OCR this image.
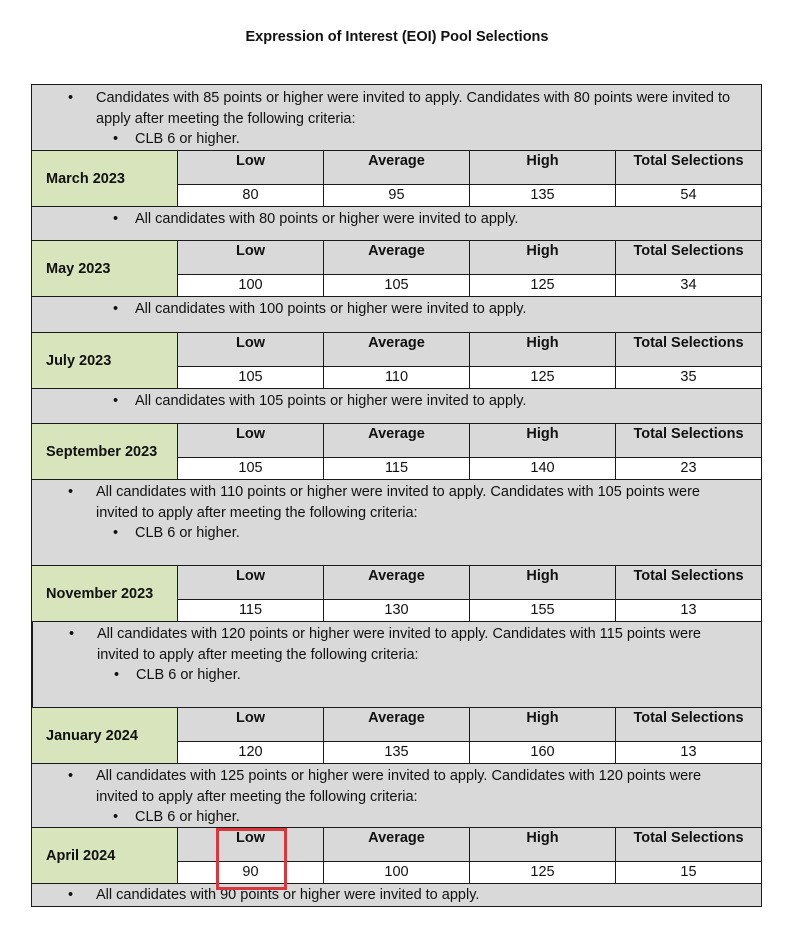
Expression of Interest (EOI) Pool Selections
• Candidates with 85 points or higher were invited to apply. Candidates with 80 points were invited to apply after meeting the following criteria:
• CLB 6 or higher.
March 2023
Low	Average	High	Total Selections
80	95	135	54
• All candidates with 80 points or higher were invited to apply.
May 2023
Low	Average	High	Total Selections
100	105	125	34
• All candidates with 100 points or higher were invited to apply.
July 2023
Low	Average	High	Total Selections
105	110	125	35
• All candidates with 105 points or higher were invited to apply.
September 2023
Low	Average	High	Total Selections
105	115	140	23
• All candidates with 110 points or higher were invited to apply. Candidates with 105 points were invited to apply after meeting the following criteria:
• CLB 6 or higher.
November 2023
Low	Average	High	Total Selections
115	130	155	13
• All candidates with 120 points or higher were invited to apply. Candidates with 115 points were invited to apply after meeting the following criteria:
• CLB 6 or higher.
January 2024
Low	Average	High	Total Selections
120	135	160	13
• All candidates with 125 points or higher were invited to apply. Candidates with 120 points were invited to apply after meeting the following criteria:
• CLB 6 or higher.
April 2024
Low	Average	High	Total Selections
90	100	125	15
• All candidates with 90 points or higher were invited to apply.
